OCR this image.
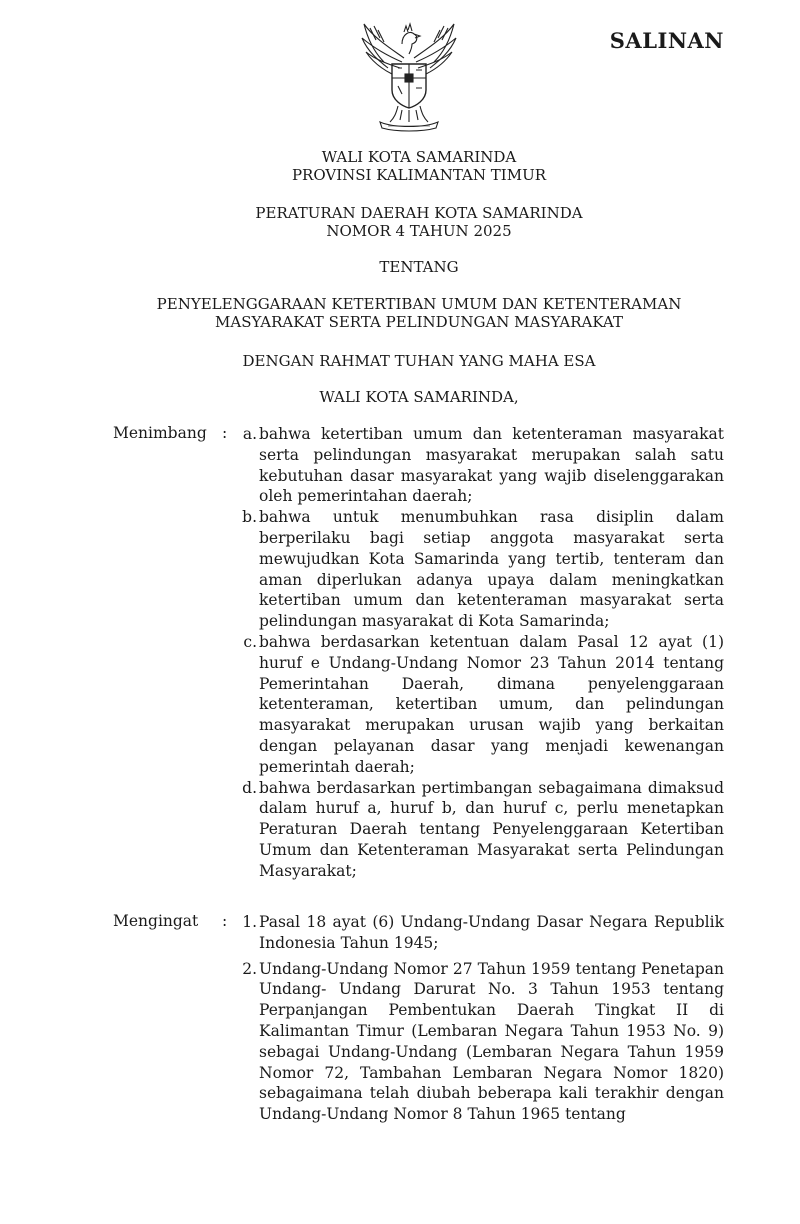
SALINAN
WALI KOTA SAMARINDA
PROVINSI KALIMANTAN TIMUR
PERATURAN DAERAH KOTA SAMARINDA
NOMOR 4 TAHUN 2025
TENTANG
PENYELENGGARAAN KETERTIBAN UMUM DAN KETENTERAMAN
MASYARAKAT SERTA PELINDUNGAN MASYARAKAT
DENGAN RAHMAT TUHAN YANG MAHA ESA
WALI KOTA SAMARINDA,
Menimbang :	a. bahwa ketertiban umum dan ketenteraman masyarakat serta pelindungan masyarakat merupakan salah satu kebutuhan dasar masyarakat yang wajib diselenggarakan oleh pemerintahan daerah;
b. bahwa untuk menumbuhkan rasa disiplin dalam berperilaku bagi setiap anggota masyarakat serta mewujudkan Kota Samarinda yang tertib, tenteram dan aman diperlukan adanya upaya dalam meningkatkan ketertiban umum dan ketenteraman masyarakat serta pelindungan masyarakat di Kota Samarinda;
c. bahwa berdasarkan ketentuan dalam Pasal 12 ayat (1) huruf e Undang-Undang Nomor 23 Tahun 2014 tentang Pemerintahan Daerah, dimana penyelenggaraan ketenteraman, ketertiban umum, dan pelindungan masyarakat merupakan urusan wajib yang berkaitan dengan pelayanan dasar yang menjadi kewenangan pemerintah daerah;
d. bahwa berdasarkan pertimbangan sebagaimana dimaksud dalam huruf a, huruf b, dan huruf c, perlu menetapkan Peraturan Daerah tentang Penyelenggaraan Ketertiban Umum dan Ketenteraman Masyarakat serta Pelindungan Masyarakat;
Mengingat : 1. Pasal 18 ayat (6) Undang-Undang Dasar Negara Republik Indonesia Tahun 1945;
2. Undang-Undang Nomor 27 Tahun 1959 tentang Penetapan Undang- Undang Darurat No. 3 Tahun 1953 tentang Perpanjangan Pembentukan Daerah Tingkat II di Kalimantan Timur (Lembaran Negara Tahun 1953 No. 9) sebagai Undang-Undang (Lembaran Negara Tahun 1959 Nomor 72, Tambahan Lembaran Negara Nomor 1820) sebagaimana telah diubah beberapa kali terakhir dengan Undang-Undang Nomor 8 Tahun 1965 tentang
